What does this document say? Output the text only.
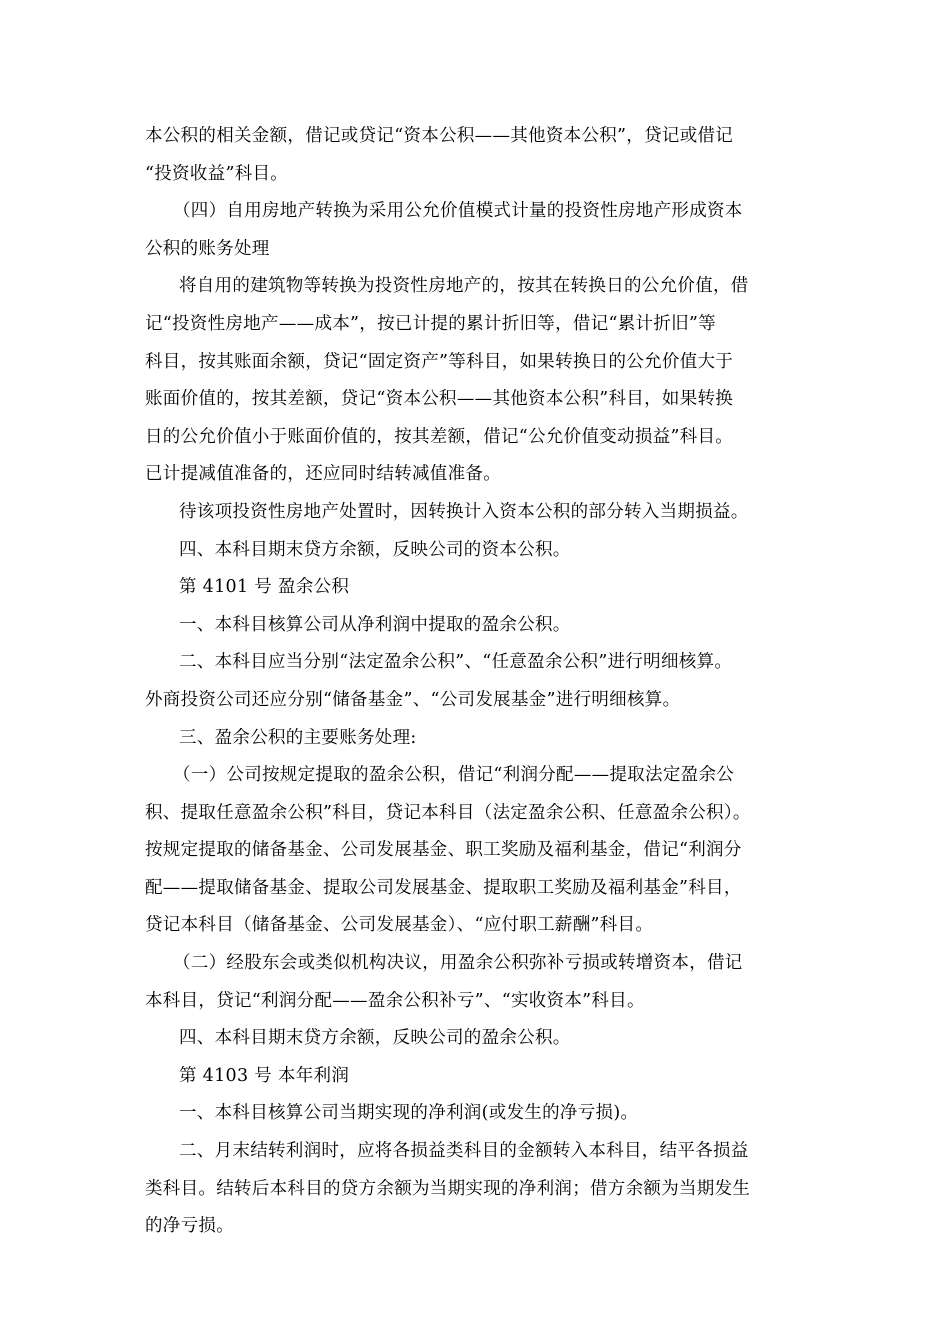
本公积的相关金额，借记或贷记“资本公积——其他资本公积”，贷记或借记
“投资收益”科目。
（四）自用房地产转换为采用公允价值模式计量的投资性房地产形成资本
公积的账务处理
将自用的建筑物等转换为投资性房地产的，按其在转换日的公允价值，借
记“投资性房地产——成本”，按已计提的累计折旧等，借记“累计折旧”等
科目，按其账面余额，贷记“固定资产”等科目，如果转换日的公允价值大于
账面价值的，按其差额，贷记“资本公积——其他资本公积”科目，如果转换
日的公允价值小于账面价值的，按其差额，借记“公允价值变动损益”科目。
已计提减值准备的，还应同时结转减值准备。
待该项投资性房地产处置时，因转换计入资本公积的部分转入当期损益。
四、本科目期末贷方余额，反映公司的资本公积。
第 4101 号 盈余公积
一、本科目核算公司从净利润中提取的盈余公积。
二、本科目应当分别“法定盈余公积”、“任意盈余公积”进行明细核算。
外商投资公司还应分别“储备基金”、“公司发展基金”进行明细核算。
三、盈余公积的主要账务处理:
（一）公司按规定提取的盈余公积，借记“利润分配——提取法定盈余公
积、提取任意盈余公积”科目，贷记本科目（法定盈余公积、任意盈余公积）。
按规定提取的储备基金、公司发展基金、职工奖励及福利基金，借记“利润分
配——提取储备基金、提取公司发展基金、提取职工奖励及福利基金”科目，
贷记本科目（储备基金、公司发展基金）、“应付职工薪酬”科目。
（二）经股东会或类似机构决议，用盈余公积弥补亏损或转增资本，借记
本科目，贷记“利润分配——盈余公积补亏”、“实收资本”科目。
四、本科目期末贷方余额，反映公司的盈余公积。
第 4103 号 本年利润
一、本科目核算公司当期实现的净利润(或发生的净亏损)。
二、月末结转利润时，应将各损益类科目的金额转入本科目，结平各损益
类科目。结转后本科目的贷方余额为当期实现的净利润；借方余额为当期发生
的净亏损。
